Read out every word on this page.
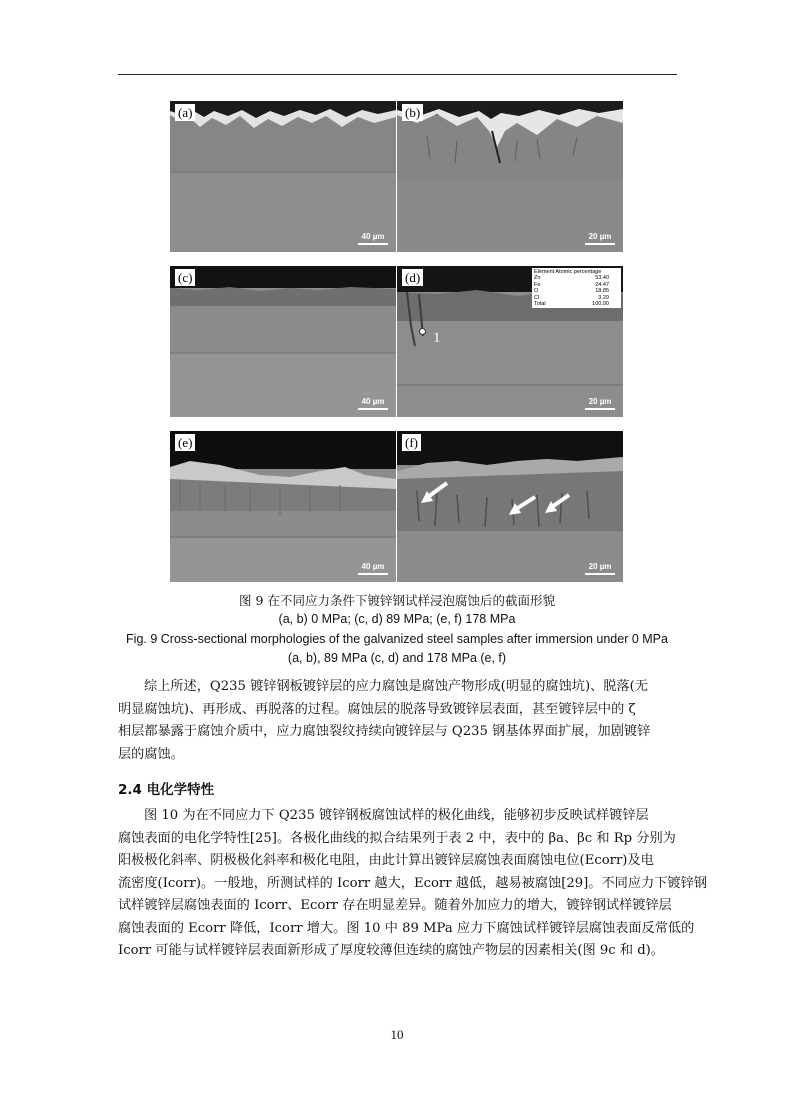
(a)
40 µm
(b)
20 µm
(c)
40 µm
(d)	Element Atomic percentage
Zn	53.40
Fe	24.47
O	18.85
Cl	3.29
Total	100.00
1
20 µm
(e)
40 µm
(f)
20 µm
图 9 在不同应力条件下镀锌钢试样浸泡腐蚀后的截面形貌
(a, b) 0 MPa; (c, d) 89 MPa; (e, f) 178 MPa
Fig. 9 Cross-sectional morphologies of the galvanized steel samples after immersion under 0 MPa
(a, b), 89 MPa (c, d) and 178 MPa (e, f)
综上所述，Q235 镀锌钢板镀锌层的应力腐蚀是腐蚀产物形成(明显的腐蚀坑)、脱落(无
明显腐蚀坑)、再形成、再脱落的过程。腐蚀层的脱落导致镀锌层表面，甚至镀锌层中的 ζ
相层都暴露于腐蚀介质中，应力腐蚀裂纹持续向镀锌层与 Q235 钢基体界面扩展，加剧镀锌
层的腐蚀。
2.4 电化学特性
图 10 为在不同应力下 Q235 镀锌钢板腐蚀试样的极化曲线，能够初步反映试样镀锌层
腐蚀表面的电化学特性[25]。各极化曲线的拟合结果列于表 2 中，表中的 βa、βc 和 Rp 分别为
阳极极化斜率、阴极极化斜率和极化电阻，由此计算出镀锌层腐蚀表面腐蚀电位(Ecorr)及电
流密度(Icorr)。一般地，所测试样的 Icorr 越大，Ecorr 越低，越易被腐蚀[29]。不同应力下镀锌钢
试样镀锌层腐蚀表面的 Icorr、Ecorr 存在明显差异。随着外加应力的增大，镀锌钢试样镀锌层
腐蚀表面的 Ecorr 降低，Icorr 增大。图 10 中 89 MPa 应力下腐蚀试样镀锌层腐蚀表面反常低的
Icorr 可能与试样镀锌层表面新形成了厚度较薄但连续的腐蚀产物层的因素相关(图 9c 和 d)。
10
